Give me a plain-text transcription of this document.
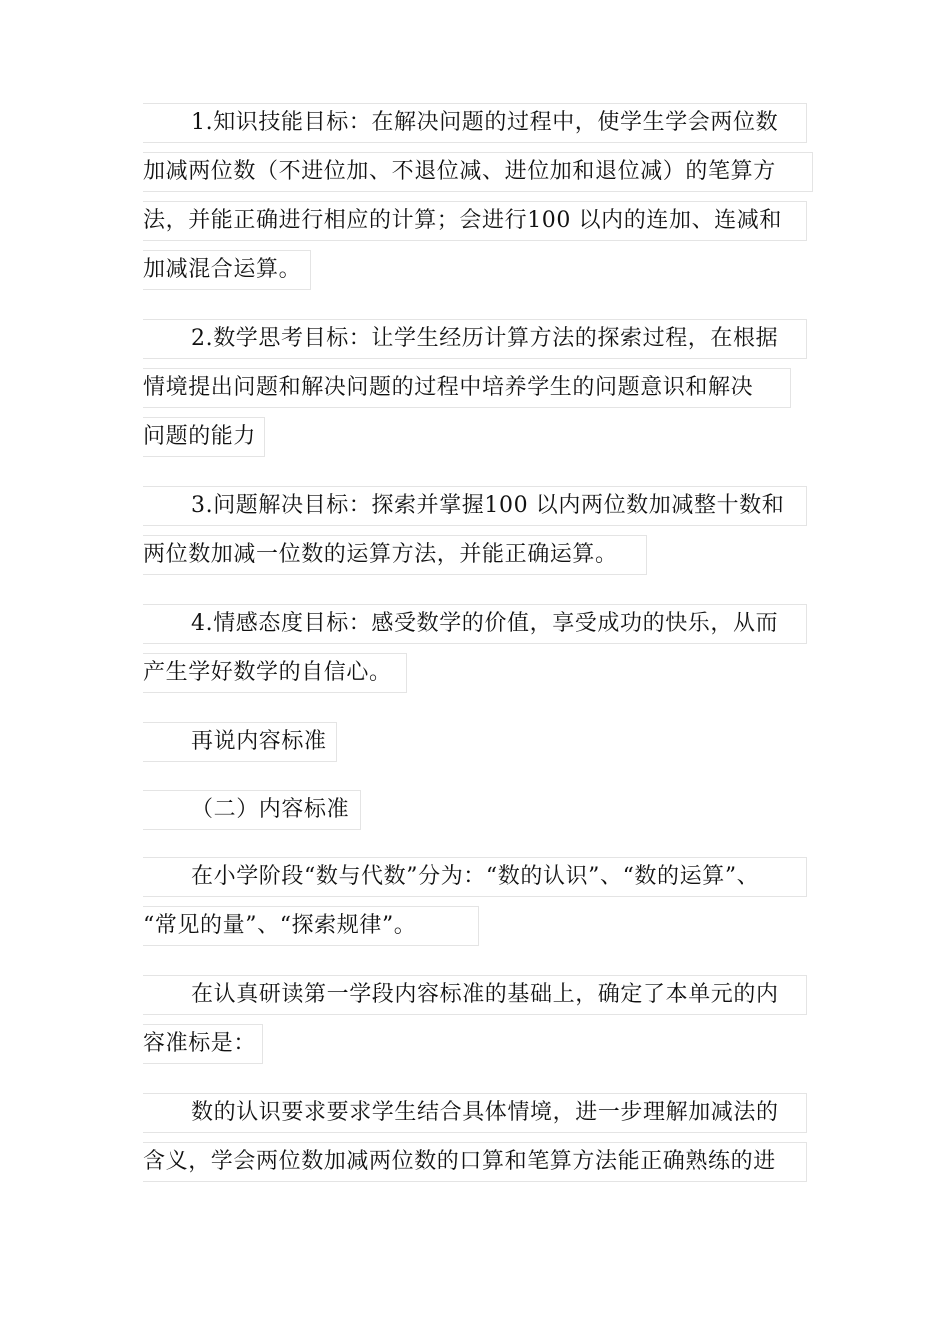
1.知识技能目标：在解决问题的过程中，使学生学会两位数
加减两位数（不进位加、不退位减、进位加和退位减）的笔算方
法，并能正确进行相应的计算；会进行100 以内的连加、连减和
加减混合运算。
2.数学思考目标：让学生经历计算方法的探索过程，在根据
情境提出问题和解决问题的过程中培养学生的问题意识和解决
问题的能力
3.问题解决目标：探索并掌握100 以内两位数加减整十数和
两位数加减一位数的运算方法，并能正确运算。
4.情感态度目标：感受数学的价值，享受成功的快乐，从而
产生学好数学的自信心。
再说内容标准
（二）内容标准
在小学阶段“数与代数”分为：“数的认识”、“数的运算”、
“常见的量”、“探索规律”。
在认真研读第一学段内容标准的基础上，确定了本单元的内
容准标是：
数的认识要求要求学生结合具体情境，进一步理解加减法的
含义，学会两位数加减两位数的口算和笔算方法能正确熟练的进
